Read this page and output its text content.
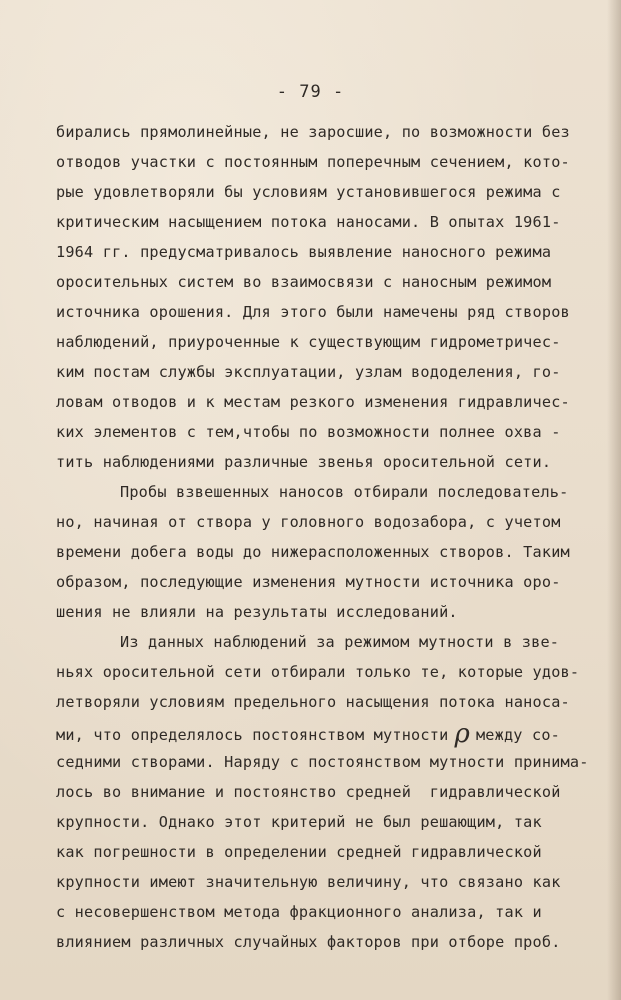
- 79 -
бирались прямолинейные, не заросшие, по возможности без
отводов участки с постоянным поперечным сечением, кото-
рые удовлетворяли бы условиям установившегося режима с
критическим насыщением потока наносами. В опытах 1961-
1964 гг. предусматривалось выявление наносного режима
оросительных систем во взаимосвязи с наносным режимом
источника орошения. Для этого были намечены ряд створов
наблюдений, приуроченные к существующим гидрометричес-
ким постам службы эксплуатации, узлам вододеления, го-
ловам отводов и к местам резкого изменения гидравличес-
ких элементов с тем,чтобы по возможности полнее охва -
тить наблюдениями различные звенья оросительной сети.
Пробы взвешенных наносов отбирали последователь-
но, начиная от створа у головного водозабора, с учетом
времени добега воды до нижерасположенных створов. Таким
образом, последующие изменения мутности источника оро-
шения не влияли на результаты исследований.
Из данных наблюдений за режимом мутности в зве-
ньях оросительной сети отбирали только те, которые удов-
летворяли условиям предельного насыщения потока наноса-
ми, что определялось постоянством мутности ρ между со-
седними створами. Наряду с постоянством мутности принима-
лось во внимание и постоянство средней  гидравлической
крупности. Однако этот критерий не был решающим, так
как погрешности в определении средней гидравлической
крупности имеют значительную величину, что связано как
с несовершенством метода фракционного анализа, так и
влиянием различных случайных факторов при отборе проб.
